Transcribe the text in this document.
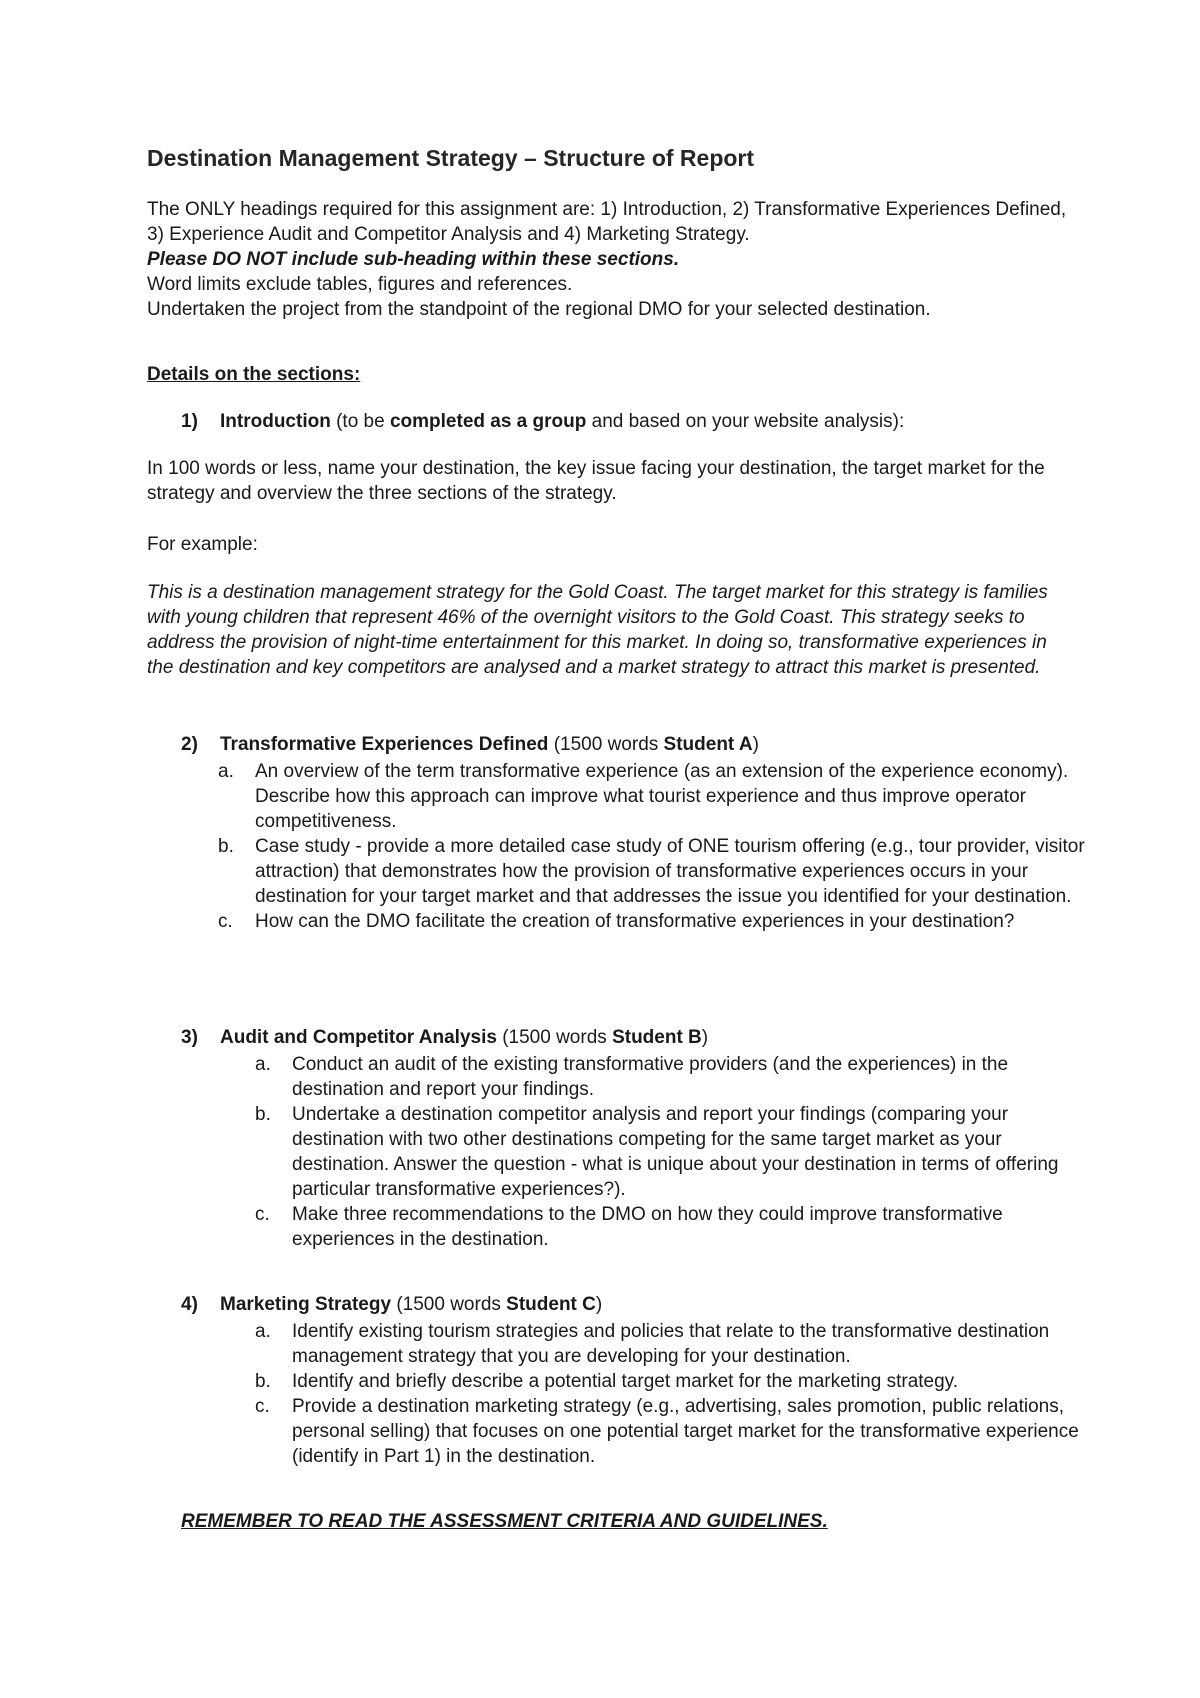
Destination Management Strategy – Structure of Report

The ONLY headings required for this assignment are: 1) Introduction, 2) Transformative Experiences Defined, 3) Experience Audit and Competitor Analysis and 4) Marketing Strategy.

Please DO NOT include sub-heading within these sections.

Word limits exclude tables, figures and references.

Undertaken the project from the standpoint of the regional DMO for your selected destination.

Details on the sections:
1) Introduction (to be completed as a group and based on your website analysis):

In 100 words or less, name your destination, the key issue facing your destination, the target market for the strategy and overview the three sections of the strategy.

For example:

This is a destination management strategy for the Gold Coast. The target market for this strategy is families with young children that represent 46% of the overnight visitors to the Gold Coast. This strategy seeks to address the provision of night-time entertainment for this market. In doing so, transformative experiences in the destination and key competitors are analysed and a market strategy to attract this market is presented.

2) Transformative Experiences Defined (1500 words Student A)
a. An overview of the term transformative experience (as an extension of the experience economy). Describe how this approach can improve what tourist experience and thus improve operator competitiveness.
b. Case study - provide a more detailed case study of ONE tourism offering (e.g., tour provider, visitor attraction) that demonstrates how the provision of transformative experiences occurs in your destination for your target market and that addresses the issue you identified for your destination.
c. How can the DMO facilitate the creation of transformative experiences in your destination?
3) Audit and Competitor Analysis (1500 words Student B)
a. Conduct an audit of the existing transformative providers (and the experiences) in the destination and report your findings.
b. Undertake a destination competitor analysis and report your findings (comparing your destination with two other destinations competing for the same target market as your destination. Answer the question - what is unique about your destination in terms of offering particular transformative experiences?).
c. Make three recommendations to the DMO on how they could improve transformative experiences in the destination.
4) Marketing Strategy (1500 words Student C)
a. Identify existing tourism strategies and policies that relate to the transformative destination management strategy that you are developing for your destination.
b. Identify and briefly describe a potential target market for the marketing strategy.
c. Provide a destination marketing strategy (e.g., advertising, sales promotion, public relations, personal selling) that focuses on one potential target market for the transformative experience (identify in Part 1) in the destination.
REMEMBER TO READ THE ASSESSMENT CRITERIA AND GUIDELINES.
